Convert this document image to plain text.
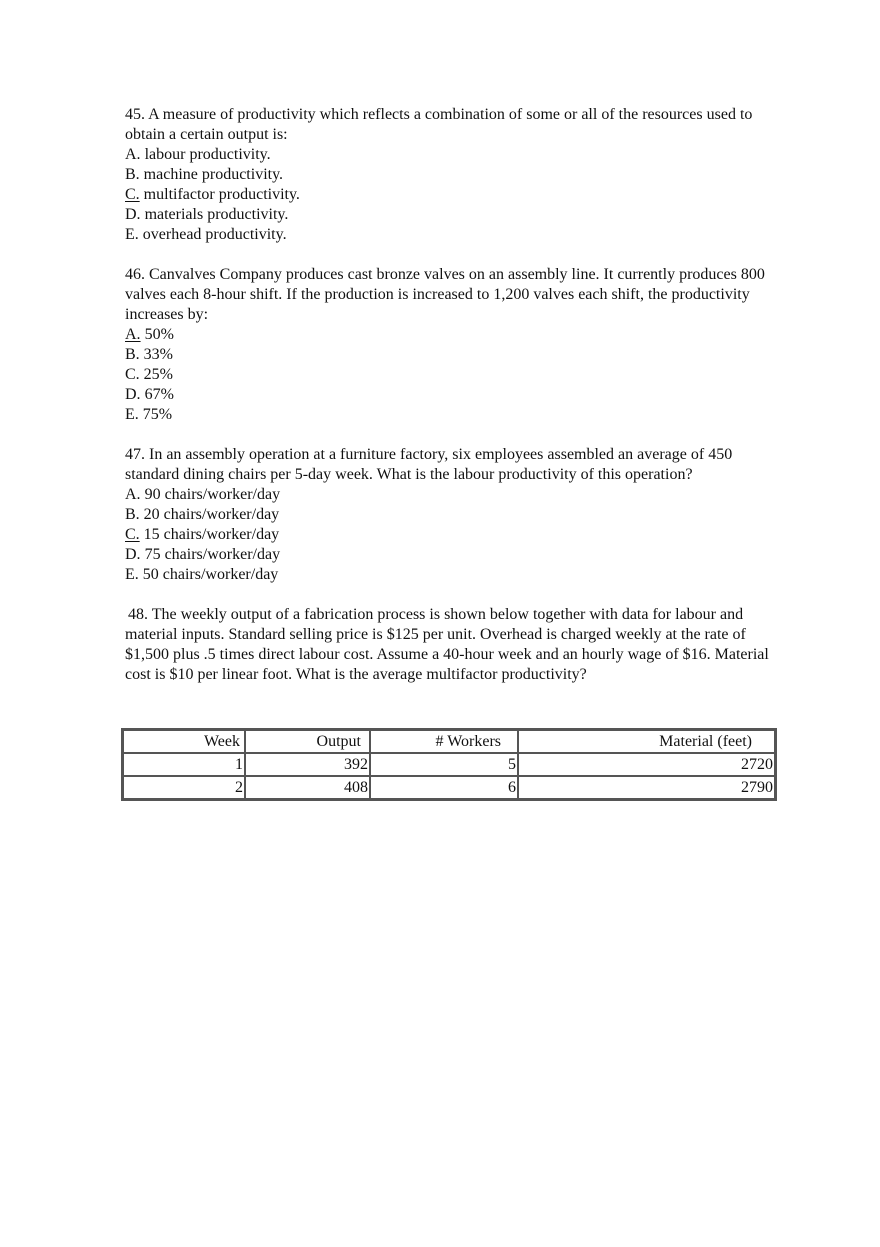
45. A measure of productivity which reflects a combination of some or all of the resources used to obtain a certain output is:

A. labour productivity.
B. machine productivity.
C. multifactor productivity.
D. materials productivity.
E. overhead productivity.

46. Canvalves Company produces cast bronze valves on an assembly line. It currently produces 800 valves each 8-hour shift. If the production is increased to 1,200 valves each shift, the productivity increases by:

A. 50%
B. 33%
C. 25%
D. 67%
E. 75%

47. In an assembly operation at a furniture factory, six employees assembled an average of 450 standard dining chairs per 5-day week. What is the labour productivity of this operation?

A. 90 chairs/worker/day
B. 20 chairs/worker/day
C. 15 chairs/worker/day
D. 75 chairs/worker/day
E. 50 chairs/worker/day

48. The weekly output of a fabrication process is shown below together with data for labour and material inputs. Standard selling price is $125 per unit. Overhead is charged weekly at the rate of $1,500 plus .5 times direct labour cost. Assume a 40-hour week and an hourly wage of $16. Material cost is $10 per linear foot. What is the average multifactor productivity?

Week	Output	# Workers	Material (feet)
1	392	5	2720
2	408	6	2790
